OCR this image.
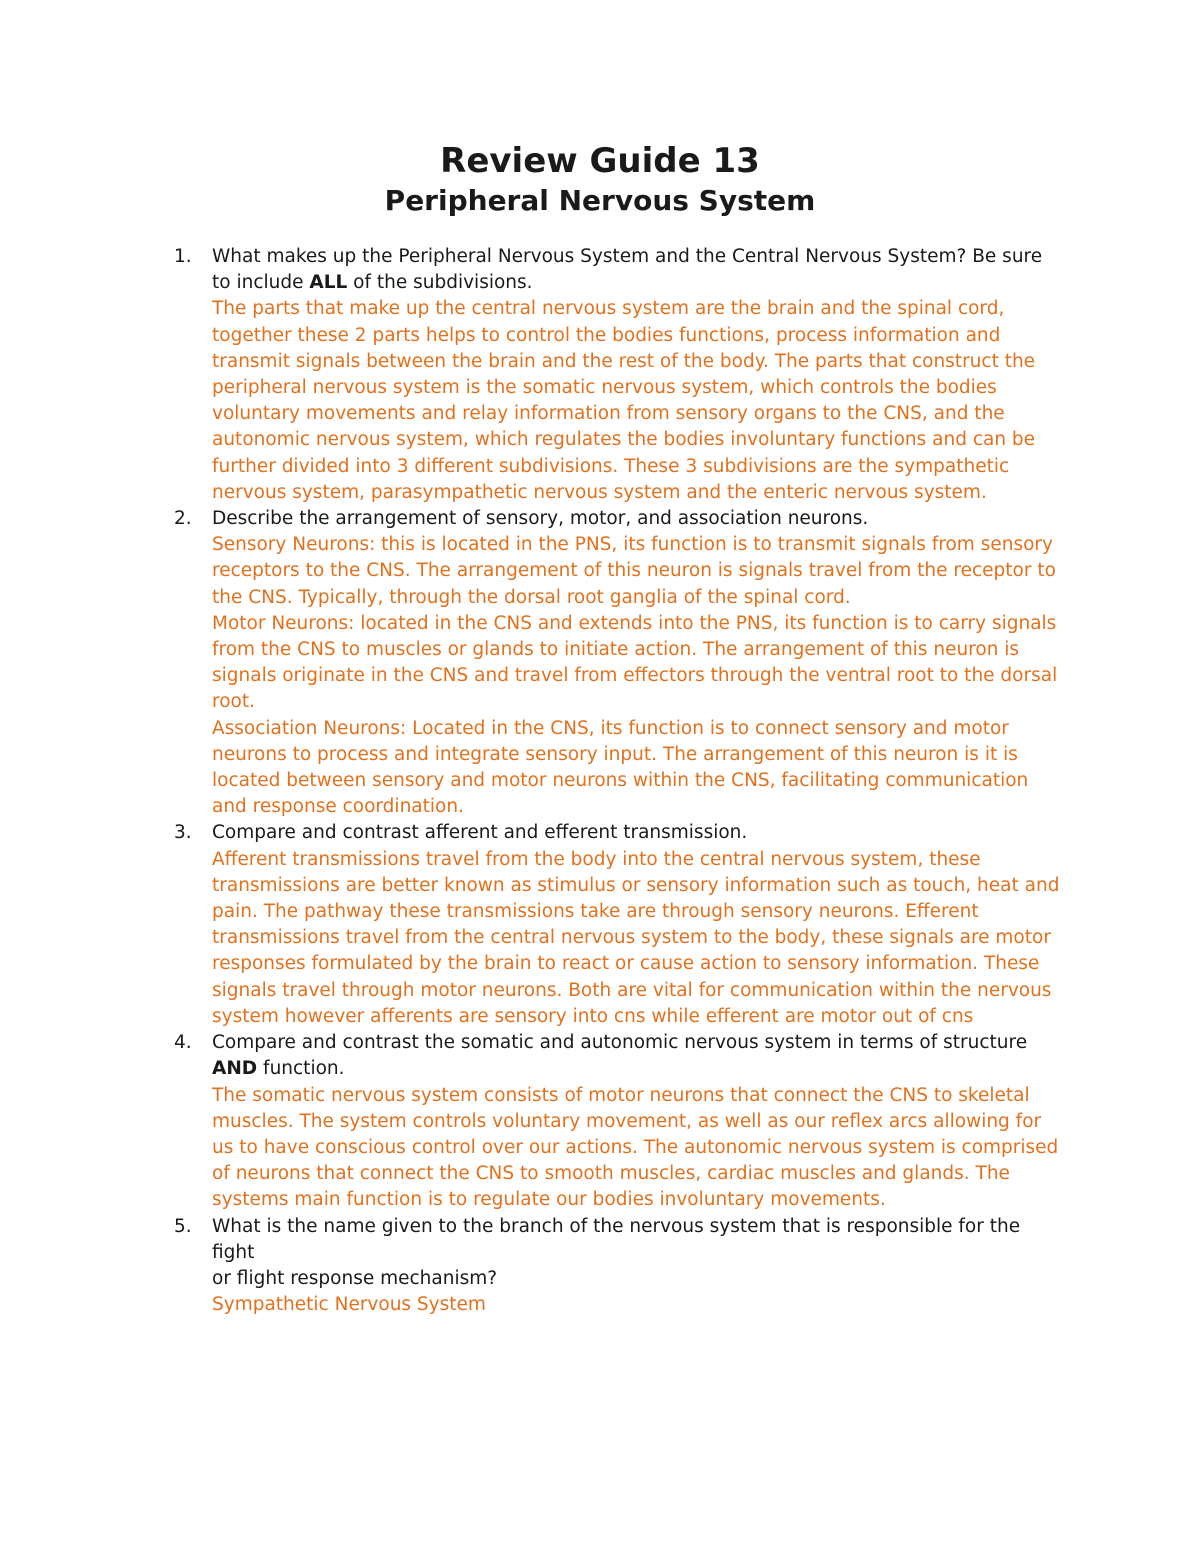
Review Guide 13
Peripheral Nervous System
1. What makes up the Peripheral Nervous System and the Central Nervous System? Be sure to include ALL of the subdivisions.
The parts that make up the central nervous system are the brain and the spinal cord, together these 2 parts helps to control the bodies functions, process information and transmit signals between the brain and the rest of the body. The parts that construct the peripheral nervous system is the somatic nervous system, which controls the bodies voluntary movements and relay information from sensory organs to the CNS, and the autonomic nervous system, which regulates the bodies involuntary functions and can be further divided into 3 different subdivisions. These 3 subdivisions are the sympathetic nervous system, parasympathetic nervous system and the enteric nervous system.
2. Describe the arrangement of sensory, motor, and association neurons.
Sensory Neurons: this is located in the PNS, its function is to transmit signals from sensory receptors to the CNS. The arrangement of this neuron is signals travel from the receptor to the CNS. Typically, through the dorsal root ganglia of the spinal cord.
Motor Neurons: located in the CNS and extends into the PNS, its function is to carry signals from the CNS to muscles or glands to initiate action. The arrangement of this neuron is signals originate in the CNS and travel from effectors through the ventral root to the dorsal root.
Association Neurons: Located in the CNS, its function is to connect sensory and motor neurons to process and integrate sensory input. The arrangement of this neuron is it is located between sensory and motor neurons within the CNS, facilitating communication and response coordination.
3. Compare and contrast afferent and efferent transmission.
Afferent transmissions travel from the body into the central nervous system, these transmissions are better known as stimulus or sensory information such as touch, heat and pain. The pathway these transmissions take are through sensory neurons. Efferent transmissions travel from the central nervous system to the body, these signals are motor responses formulated by the brain to react or cause action to sensory information. These signals travel through motor neurons. Both are vital for communication within the nervous system however afferents are sensory into cns while efferent are motor out of cns
4. Compare and contrast the somatic and autonomic nervous system in terms of structure AND function.
The somatic nervous system consists of motor neurons that connect the CNS to skeletal muscles. The system controls voluntary movement, as well as our reflex arcs allowing for us to have conscious control over our actions. The autonomic nervous system is comprised of neurons that connect the CNS to smooth muscles, cardiac muscles and glands. The systems main function is to regulate our bodies involuntary movements.
5. What is the name given to the branch of the nervous system that is responsible for the fight
or flight response mechanism?
Sympathetic Nervous System
